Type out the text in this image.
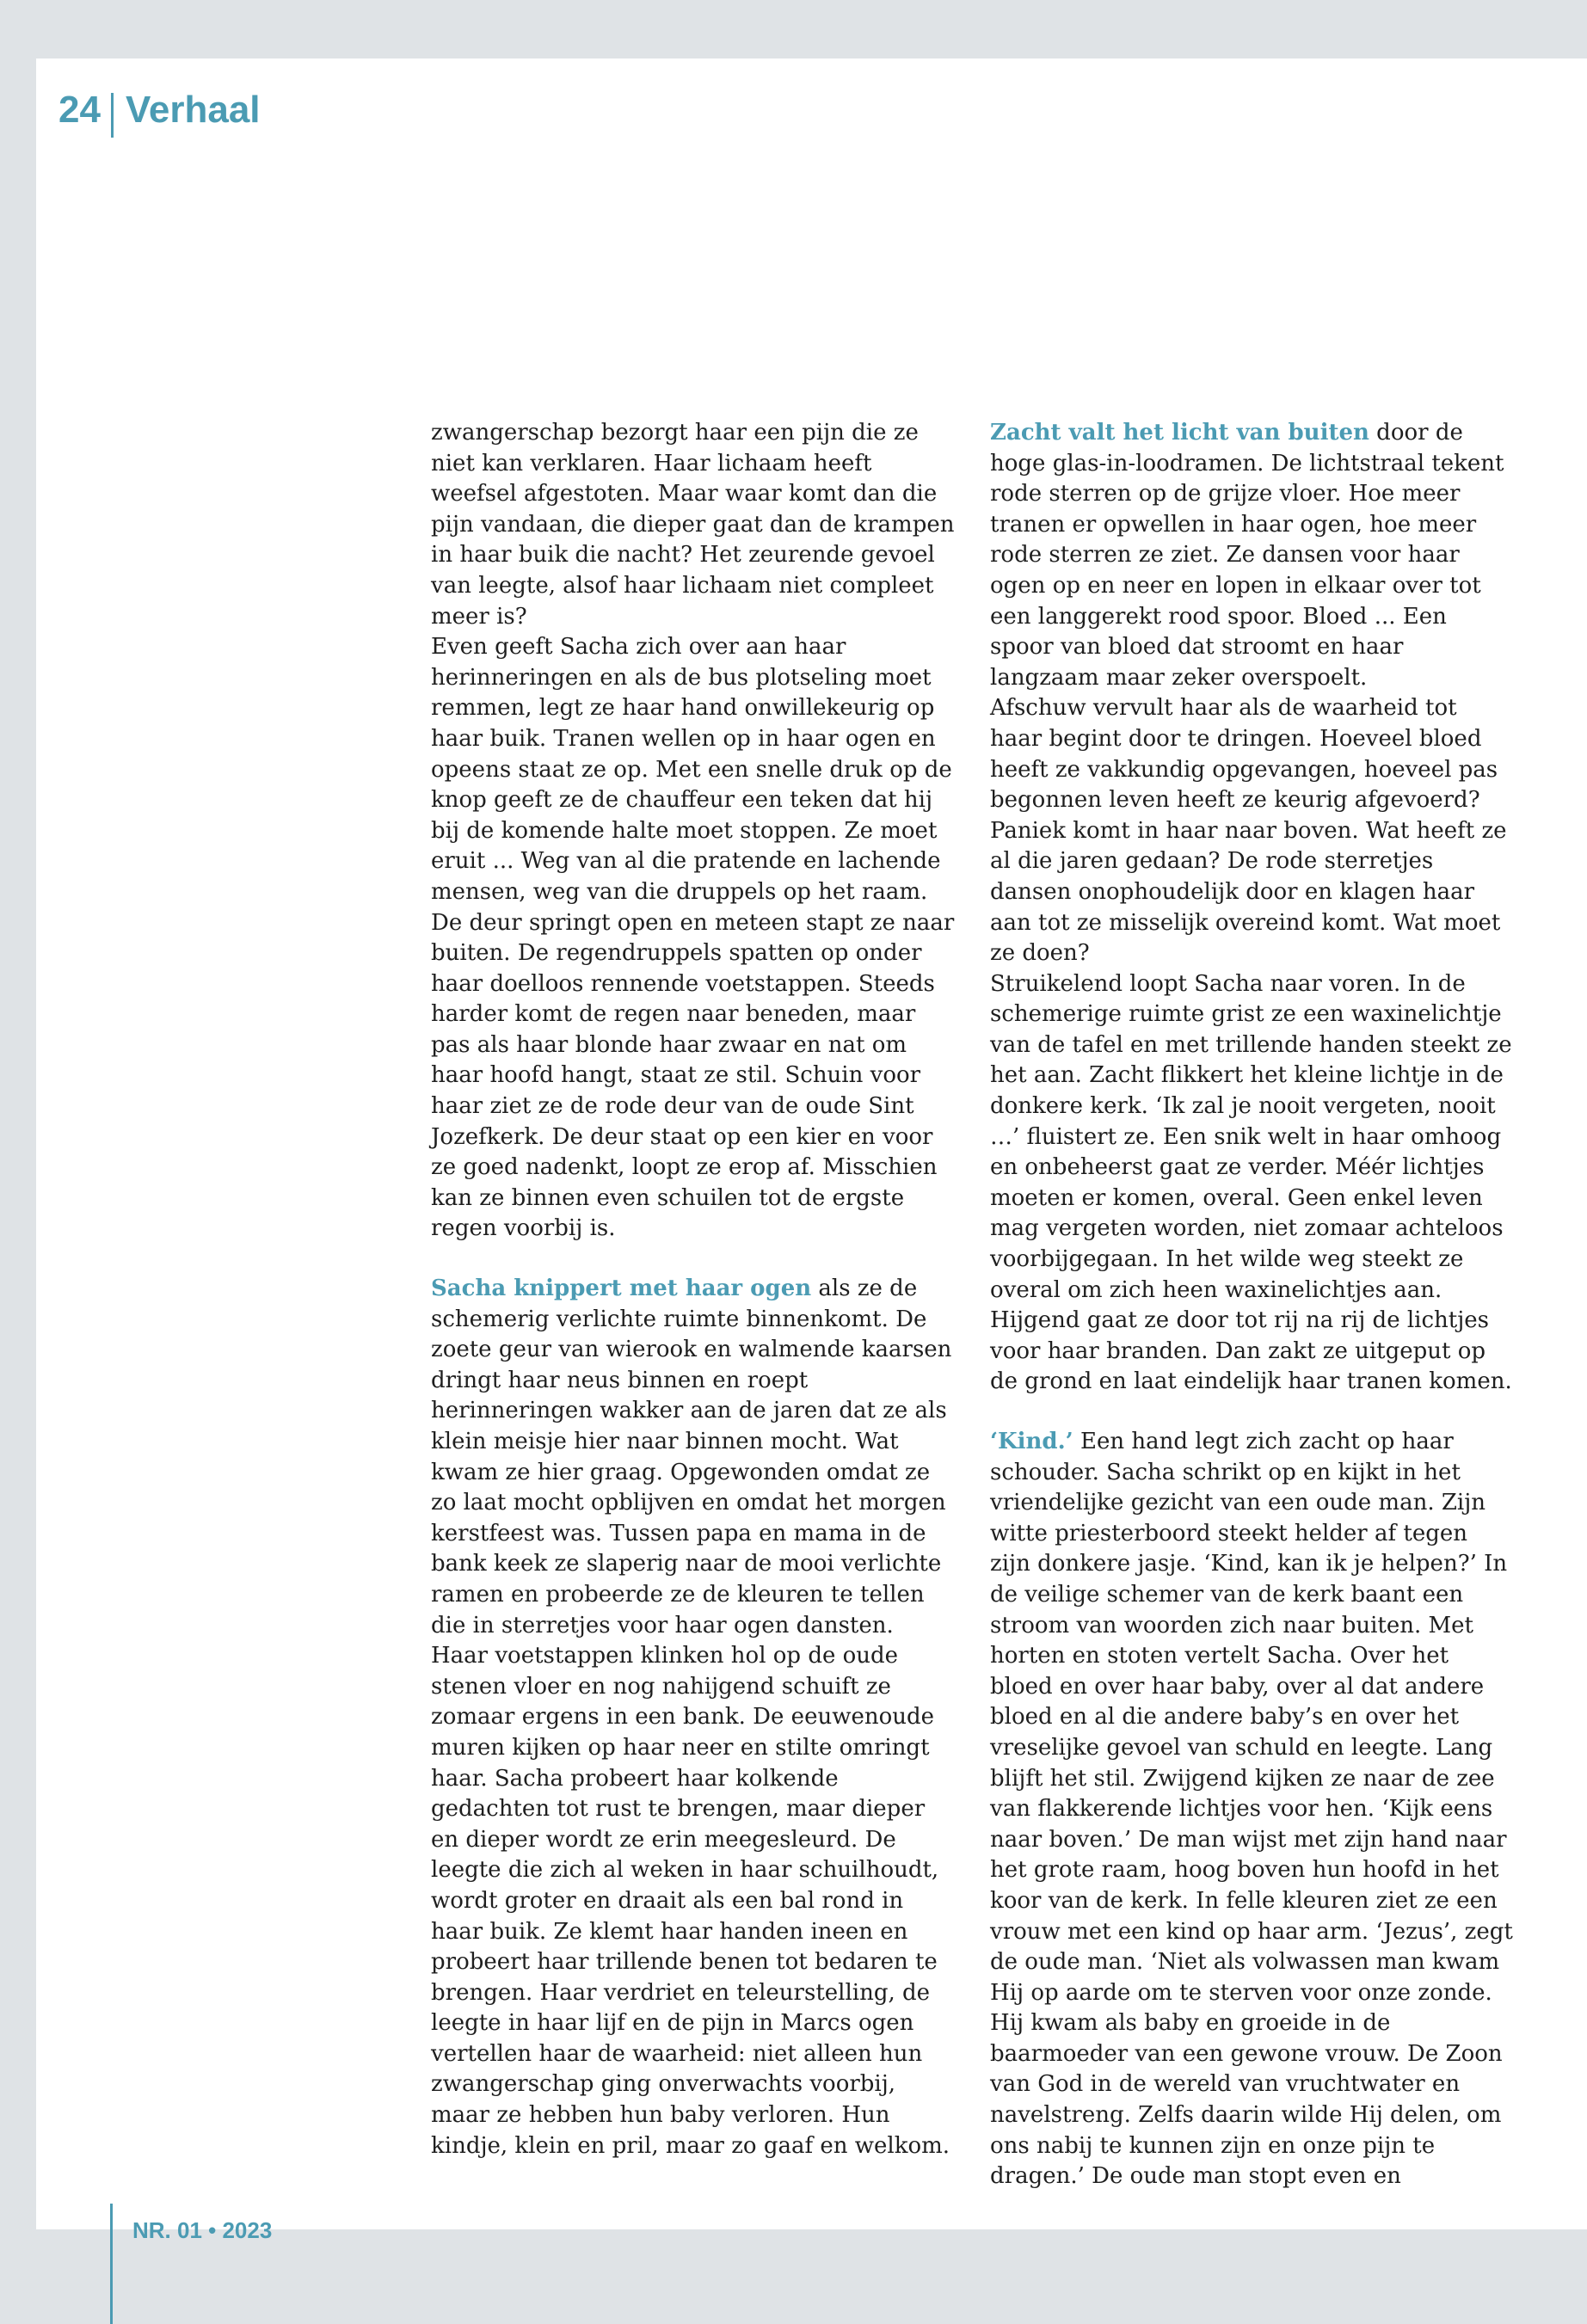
24 Verhaal

zwangerschap bezorgt haar een pijn die ze niet kan verklaren. Haar lichaam heeft weefsel afgestoten. Maar waar komt dan die pijn vandaan, die dieper gaat dan de krampen in haar buik die nacht? Het zeurende gevoel van leegte, alsof haar lichaam niet compleet meer is?

Even geeft Sacha zich over aan haar herinneringen en als de bus plotseling moet remmen, legt ze haar hand onwillekeurig op haar buik. Tranen wellen op in haar ogen en opeens staat ze op. Met een snelle druk op de knop geeft ze de chauffeur een teken dat hij bij de komende halte moet stoppen. Ze moet eruit ... Weg van al die pratende en lachende mensen, weg van die druppels op het raam.

De deur springt open en meteen stapt ze naar buiten. De regendruppels spatten op onder haar doelloos rennende voetstappen. Steeds harder komt de regen naar beneden, maar pas als haar blonde haar zwaar en nat om haar hoofd hangt, staat ze stil. Schuin voor haar ziet ze de rode deur van de oude Sint Jozefkerk. De deur staat op een kier en voor ze goed nadenkt, loopt ze erop af. Misschien kan ze binnen even schuilen tot de ergste regen voorbij is.

Sacha knippert met haar ogen als ze de schemerig verlichte ruimte binnenkomt. De zoete geur van wierook en walmende kaarsen dringt haar neus binnen en roept herinneringen wakker aan de jaren dat ze als klein meisje hier naar binnen mocht. Wat kwam ze hier graag. Opgewonden omdat ze zo laat mocht opblijven en omdat het morgen kerstfeest was. Tussen papa en mama in de bank keek ze slaperig naar de mooi verlichte ramen en probeerde ze de kleuren te tellen die in sterretjes voor haar ogen dansten.

Haar voetstappen klinken hol op de oude stenen vloer en nog nahijgend schuift ze zomaar ergens in een bank. De eeuwenoude muren kijken op haar neer en stilte omringt haar. Sacha probeert haar kolkende gedachten tot rust te brengen, maar dieper en dieper wordt ze erin meegesleurd. De leegte die zich al weken in haar schuilhoudt, wordt groter en draait als een bal rond in haar buik. Ze klemt haar handen ineen en probeert haar trillende benen tot bedaren te brengen. Haar verdriet en teleurstelling, de leegte in haar lijf en de pijn in Marcs ogen vertellen haar de waarheid: niet alleen hun zwangerschap ging onverwachts voorbij, maar ze hebben hun baby verloren. Hun kindje, klein en pril, maar zo gaaf en welkom.

Zacht valt het licht van buiten door de hoge glas-in-loodramen. De lichtstraal tekent rode sterren op de grijze vloer. Hoe meer tranen er opwellen in haar ogen, hoe meer rode sterren ze ziet. Ze dansen voor haar ogen op en neer en lopen in elkaar over tot een langgerekt rood spoor. Bloed ... Een spoor van bloed dat stroomt en haar langzaam maar zeker overspoelt.

Afschuw vervult haar als de waarheid tot haar begint door te dringen. Hoeveel bloed heeft ze vakkundig opgevangen, hoeveel pas begonnen leven heeft ze keurig afgevoerd? Paniek komt in haar naar boven. Wat heeft ze al die jaren gedaan? De rode sterretjes dansen onophoudelijk door en klagen haar aan tot ze misselijk overeind komt. Wat moet ze doen?

Struikelend loopt Sacha naar voren. In de schemerige ruimte grist ze een waxinelichtje van de tafel en met trillende handen steekt ze het aan. Zacht flikkert het kleine lichtje in de donkere kerk. ‘Ik zal je nooit vergeten, nooit …’ fluistert ze. Een snik welt in haar omhoog en onbeheerst gaat ze verder. Méér lichtjes moeten er komen, overal. Geen enkel leven mag vergeten worden, niet zomaar achteloos voorbijgegaan. In het wilde weg steekt ze overal om zich heen waxinelichtjes aan. Hijgend gaat ze door tot rij na rij de lichtjes voor haar branden. Dan zakt ze uitgeput op de grond en laat eindelijk haar tranen komen.

‘Kind.’ Een hand legt zich zacht op haar schouder. Sacha schrikt op en kijkt in het vriendelijke gezicht van een oude man. Zijn witte priesterboord steekt helder af tegen zijn donkere jasje. ‘Kind, kan ik je helpen?’ In de veilige schemer van de kerk baant een stroom van woorden zich naar buiten. Met horten en stoten vertelt Sacha. Over het bloed en over haar baby, over al dat andere bloed en al die andere baby’s en over het vreselijke gevoel van schuld en leegte. Lang blijft het stil. Zwijgend kijken ze naar de zee van flakkerende lichtjes voor hen. ‘Kijk eens naar boven.’ De man wijst met zijn hand naar het grote raam, hoog boven hun hoofd in het koor van de kerk. In felle kleuren ziet ze een vrouw met een kind op haar arm. ‘Jezus’, zegt de oude man. ‘Niet als volwassen man kwam Hij op aarde om te sterven voor onze zonde. Hij kwam als baby en groeide in de baarmoeder van een gewone vrouw. De Zoon van God in de wereld van vruchtwater en navelstreng. Zelfs daarin wilde Hij delen, om ons nabij te kunnen zijn en onze pijn te dragen.’ De oude man stopt even en

NR. 01 • 2023
